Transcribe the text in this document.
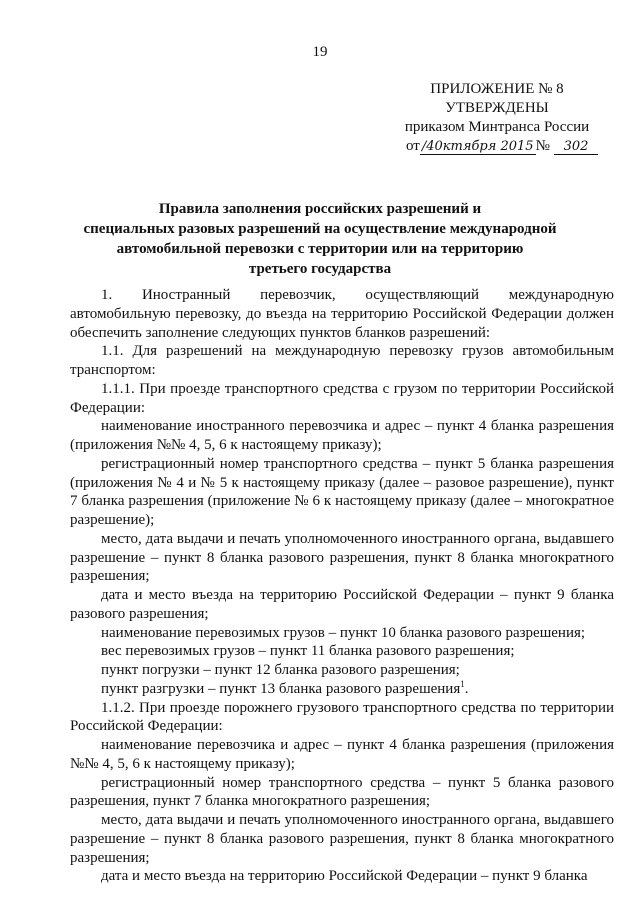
19
ПРИЛОЖЕНИЕ № 8
УТВЕРЖДЕНЫ
приказом Минтранса России
от /40ктября 2015 № 302
Правила заполнения российских разрешений и
специальных разовых разрешений на осуществление международной
автомобильной перевозки с территории или на территорию
третьего государства

1. Иностранный перевозчик, осуществляющий международную автомобильную перевозку, до въезда на территорию Российской Федерации должен обеспечить заполнение следующих пунктов бланков разрешений:

1.1. Для разрешений на международную перевозку грузов автомобильным транспортом:

1.1.1. При проезде транспортного средства с грузом по территории Российской Федерации:

наименование иностранного перевозчика и адрес – пункт 4 бланка разрешения (приложения №№ 4, 5, 6 к настоящему приказу);

регистрационный номер транспортного средства – пункт 5 бланка разрешения (приложения № 4 и № 5 к настоящему приказу (далее – разовое разрешение), пункт 7 бланка разрешения (приложение № 6 к настоящему приказу (далее – многократное разрешение);

место, дата выдачи и печать уполномоченного иностранного органа, выдавшего разрешение – пункт 8 бланка разового разрешения, пункт 8 бланка многократного разрешения;

дата и место въезда на территорию Российской Федерации – пункт 9 бланка разового разрешения;

наименование перевозимых грузов – пункт 10 бланка разового разрешения;

вес перевозимых грузов – пункт 11 бланка разового разрешения;

пункт погрузки – пункт 12 бланка разового разрешения;

пункт разгрузки – пункт 13 бланка разового разрешения$^1$.

1.1.2. При проезде порожнего грузового транспортного средства по территории Российской Федерации:

наименование перевозчика и адрес – пункт 4 бланка разрешения (приложения №№ 4, 5, 6 к настоящему приказу);

регистрационный номер транспортного средства – пункт 5 бланка разового разрешения, пункт 7 бланка многократного разрешения;

место, дата выдачи и печать уполномоченного иностранного органа, выдавшего разрешение – пункт 8 бланка разового разрешения, пункт 8 бланка многократного разрешения;

дата и место въезда на территорию Российской Федерации – пункт 9 бланка
